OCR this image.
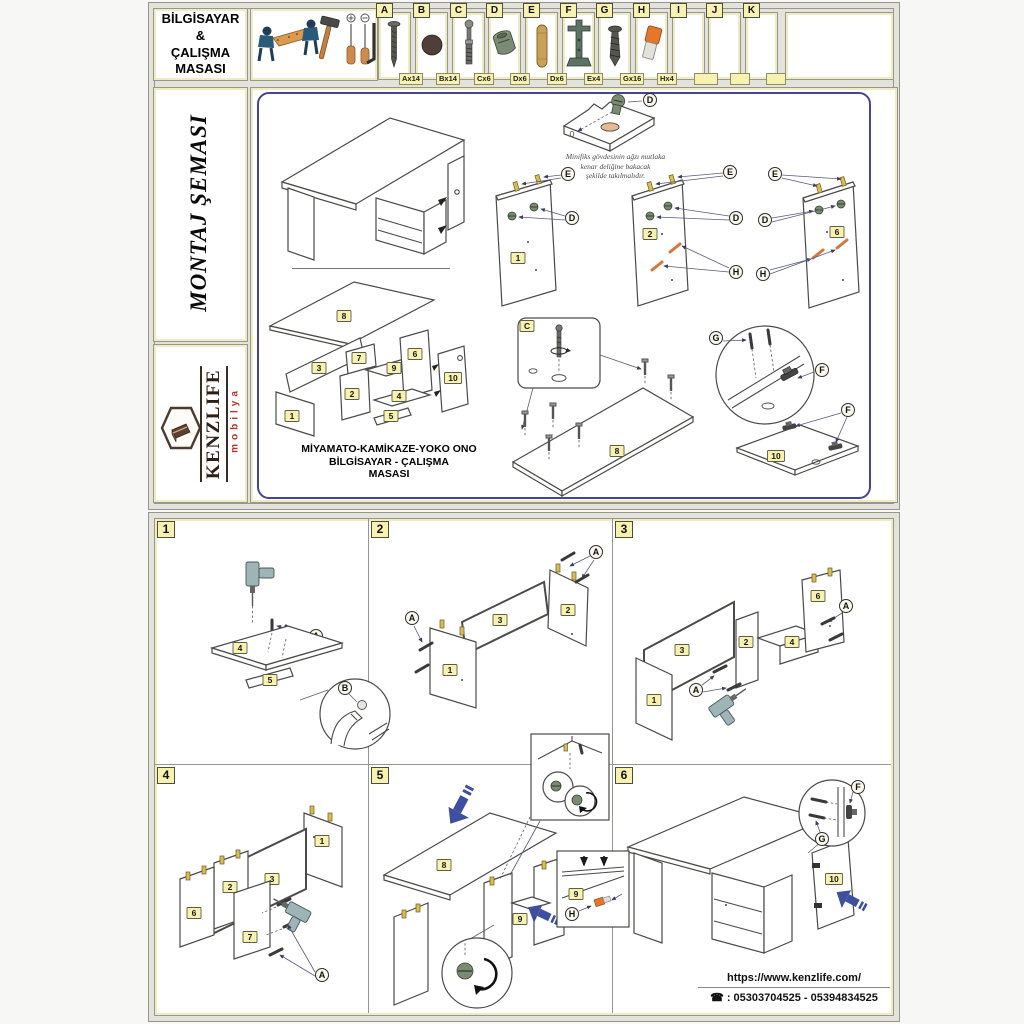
BİLGİSAYAR
&
ÇALIŞMA
MASASI
A	B	C	D	E	F	G	H	I	J	K
Ax14	Bx14	Cx6	Dx6	Dx6	Ex4	Gx16	Hx4
MONTAJ ŞEMASI
KENZLIFE mobilya
8
3
1
7
2
9
6
4
5
10
MİYAMATO-KAMİKAZE-YOKO ONO
BİLGİSAYAR - ÇALIŞMA
MASASI
D
Minifiks gövdesinin ağzı mutlaka
kenar deliğine bakacak
şekilde takılmalıdır.
E
D
1
E
D
H
2
E
D
H
6
C
8
G
F
F
10
1	2	3
4	5	6
4
5
3
1
2
A
A
3
1
2	4
6
A
A
1
3
2
6
7
A
8
9
10
F
G
B
9
H
https://www.kenzlife.com/
☎ : 05303704525 - 05394834525
